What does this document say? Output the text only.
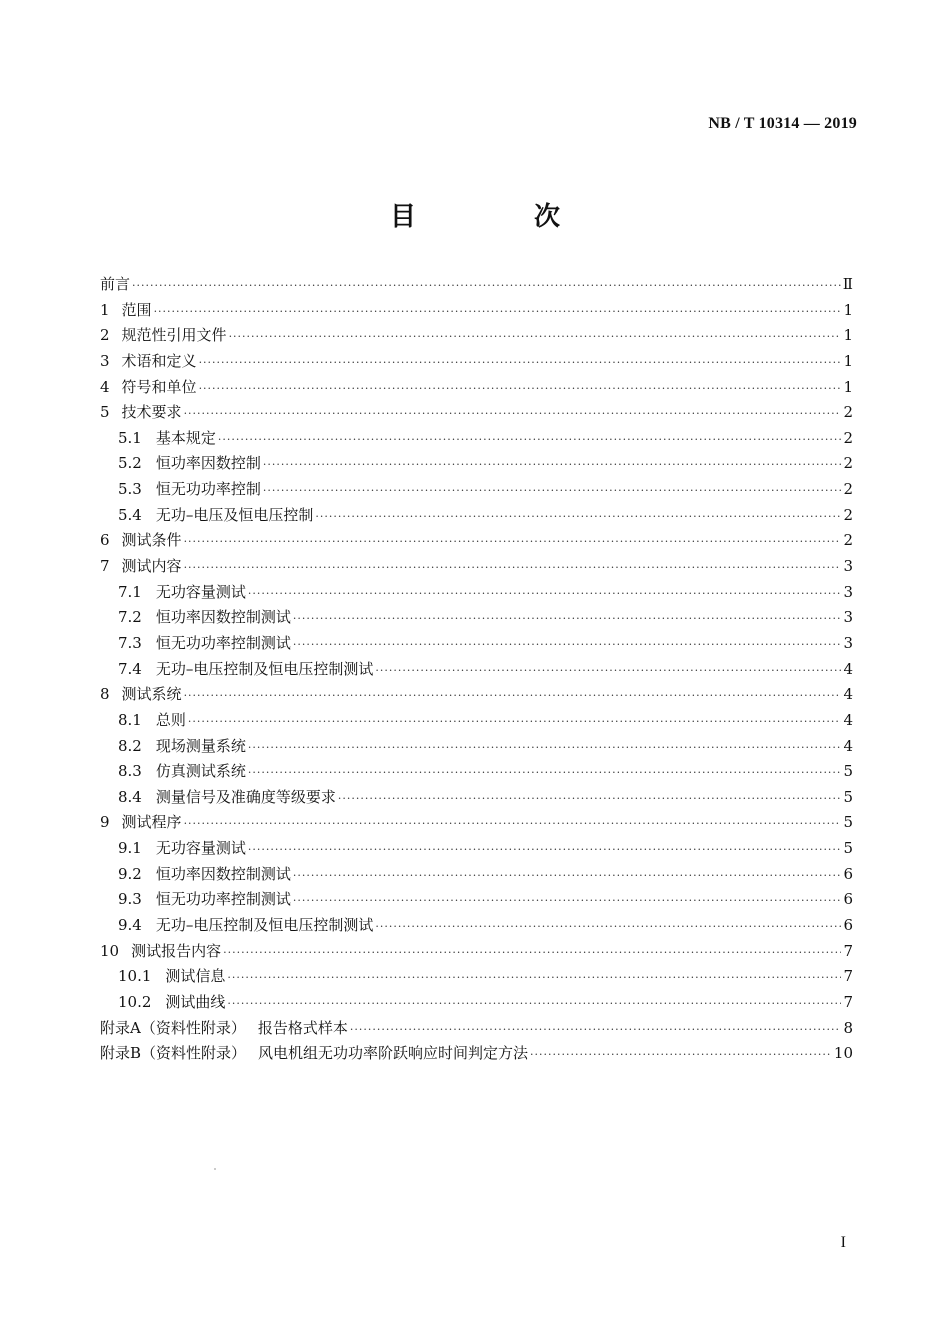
NB / T 10314 — 2019
目　次
前言 ·····	Ⅱ
1 范围 ·····	1
2 规范性引用文件 ·····	1
3 术语和定义 ·····	1
4 符号和单位 ·····	1
5 技术要求 ·····	2
5.1 基本规定 ·····	2
5.2 恒功率因数控制 ·····	2
5.3 恒无功功率控制 ·····	2
5.4 无功–电压及恒电压控制 ·····	2
6 测试条件 ·····	2
7 测试内容 ·····	3
7.1 无功容量测试 ·····	3
7.2 恒功率因数控制测试 ·····	3
7.3 恒无功功率控制测试 ·····	3
7.4 无功–电压控制及恒电压控制测试 ·····	4
8 测试系统 ·····	4
8.1 总则 ·····	4
8.2 现场测量系统 ·····	4
8.3 仿真测试系统 ·····	5
8.4 测量信号及准确度等级要求 ·····	5
9 测试程序 ·····	5
9.1 无功容量测试 ·····	5
9.2 恒功率因数控制测试 ·····	6
9.3 恒无功功率控制测试 ·····	6
9.4 无功–电压控制及恒电压控制测试 ·····	6
10 测试报告内容 ·····	7
10.1 测试信息 ·····	7
10.2 测试曲线 ·····	7
附录A（资料性附录） 报告格式样本 ·····	8
附录B（资料性附录） 风电机组无功功率阶跃响应时间判定方法 ·····	10
I
